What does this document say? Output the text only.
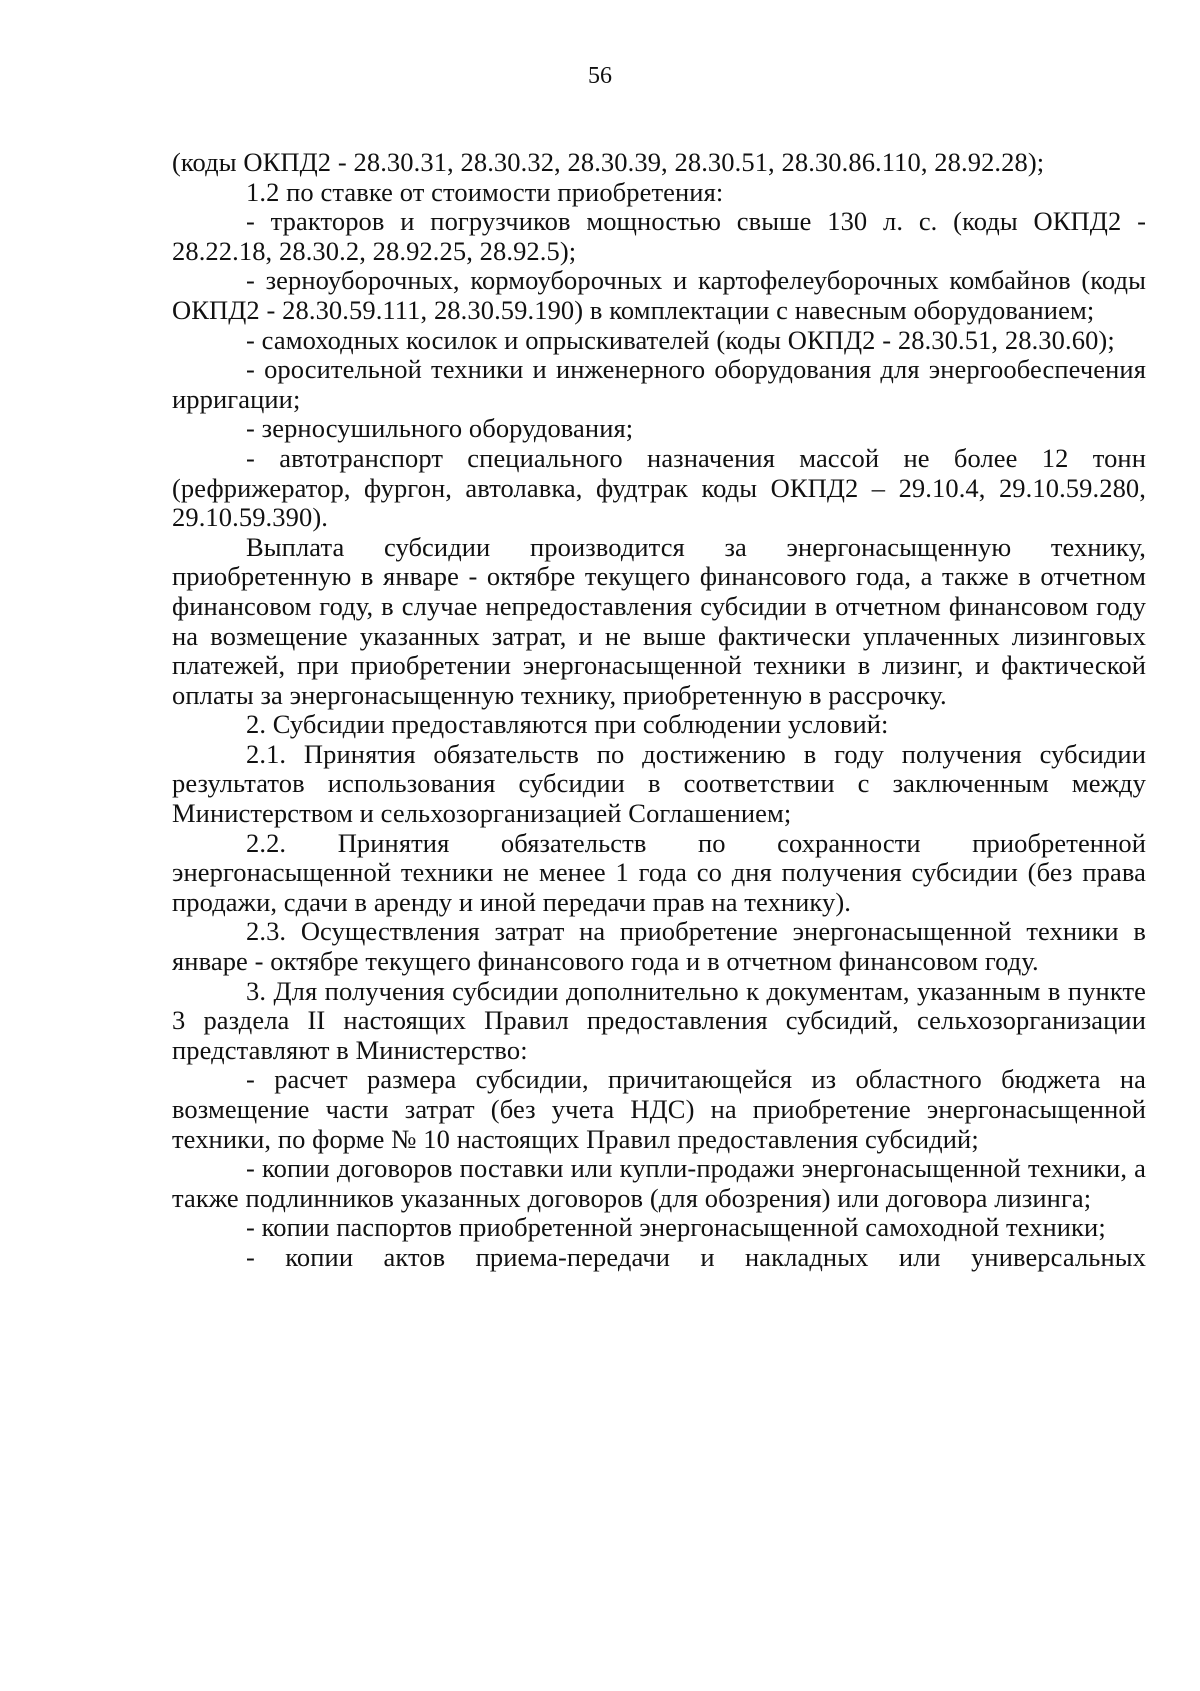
56

(коды ОКПД2 - 28.30.31, 28.30.32, 28.30.39, 28.30.51, 28.30.86.110, 28.92.28);

1.2 по ставке от стоимости приобретения:

- тракторов и погрузчиков мощностью свыше 130 л. с. (коды ОКПД2 - 28.22.18, 28.30.2, 28.92.25, 28.92.5);

- зерноуборочных, кормоуборочных и картофелеуборочных комбайнов (коды ОКПД2 - 28.30.59.111, 28.30.59.190) в комплектации с навесным оборудованием;

- самоходных косилок и опрыскивателей (коды ОКПД2 - 28.30.51, 28.30.60);

- оросительной техники и инженерного оборудования для энергообеспечения ирригации;

- зерносушильного оборудования;

- автотранспорт специального назначения массой не более 12 тонн (рефрижератор, фургон, автолавка, фудтрак коды ОКПД2 – 29.10.4, 29.10.59.280, 29.10.59.390).

Выплата субсидии производится за энергонасыщенную технику, приобретенную в январе - октябре текущего финансового года, а также в отчетном финансовом году, в случае непредоставления субсидии в отчетном финансовом году на возмещение указанных затрат, и не выше фактически уплаченных лизинговых платежей, при приобретении энергонасыщенной техники в лизинг, и фактической оплаты за энергонасыщенную технику, приобретенную в рассрочку.

2. Субсидии предоставляются при соблюдении условий:

2.1. Принятия обязательств по достижению в году получения субсидии результатов использования субсидии в соответствии с заключенным между Министерством и сельхозорганизацией Соглашением;

2.2. Принятия обязательств по сохранности приобретенной энергонасыщенной техники не менее 1 года со дня получения субсидии (без права продажи, сдачи в аренду и иной передачи прав на технику).

2.3. Осуществления затрат на приобретение энергонасыщенной техники в январе - октябре текущего финансового года и в отчетном финансовом году.

3. Для получения субсидии дополнительно к документам, указанным в пункте 3 раздела II настоящих Правил предоставления субсидий, сельхозорганизации представляют в Министерство:

- расчет размера субсидии, причитающейся из областного бюджета на возмещение части затрат (без учета НДС) на приобретение энергонасыщенной техники, по форме № 10 настоящих Правил предоставления субсидий;

- копии договоров поставки или купли-продажи энергонасыщенной техники, а также подлинников указанных договоров (для обозрения) или договора лизинга;

- копии паспортов приобретенной энергонасыщенной самоходной техники;

- копии актов приема-передачи и накладных или универсальных
